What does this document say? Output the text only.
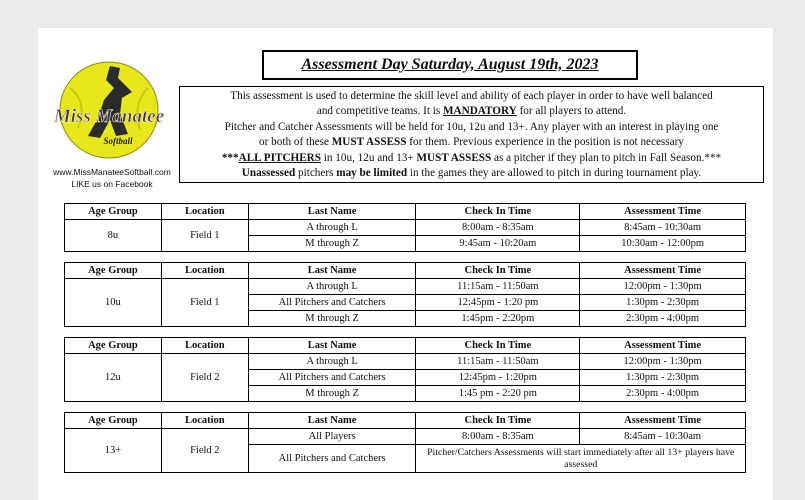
Miss Manatee
Softball
www.MissManateeSoftball.com
LIKE us on Facebook
Assessment Day Saturday, August 19th, 2023
This assessment is used to determine the skill level and ability of each player in order to have well balanced
and competitive teams. It is MANDATORY for all players to attend.
Pitcher and Catcher Assessments will be held for 10u, 12u and 13+. Any player with an interest in playing one
or both of these MUST ASSESS for them. Previous experience in the position is not necessary
***ALL PITCHERS in 10u, 12u and 13+ MUST ASSESS as a pitcher if they plan to pitch in Fall Season.***
Unassessed pitchers may be limited in the games they are allowed to pitch in during tournament play.
Age Group	Location	Last Name	Check In Time	Assessment Time
8u	Field 1	A through L	8:00am - 8:35am	8:45am - 10:30am
		M through Z	9:45am - 10:20am	10:30am - 12:00pm
Age Group	Location	Last Name	Check In Time	Assessment Time
10u	Field 1	A through L	11:15am - 11:50am	12:00pm - 1:30pm
		All Pitchers and Catchers	12:45pm - 1:20 pm	1:30pm - 2:30pm
		M through Z	1:45pm - 2:20pm	2:30pm - 4:00pm
Age Group	Location	Last Name	Check In Time	Assessment Time
12u	Field 2	A through L	11:15am - 11:50am	12:00pm - 1:30pm
		All Pitchers and Catchers	12:45pm - 1:20pm	1:30pm - 2:30pm
		M through Z	1:45 pm - 2:20 pm	2:30pm - 4:00pm
Age Group	Location	Last Name	Check In Time	Assessment Time
13+	Field 2	All Players	8:00am - 8:35am	8:45am - 10:30am
		All Pitchers and Catchers	Pitcher/Catchers Assessments will start immediately after all 13+ players have assessed	
